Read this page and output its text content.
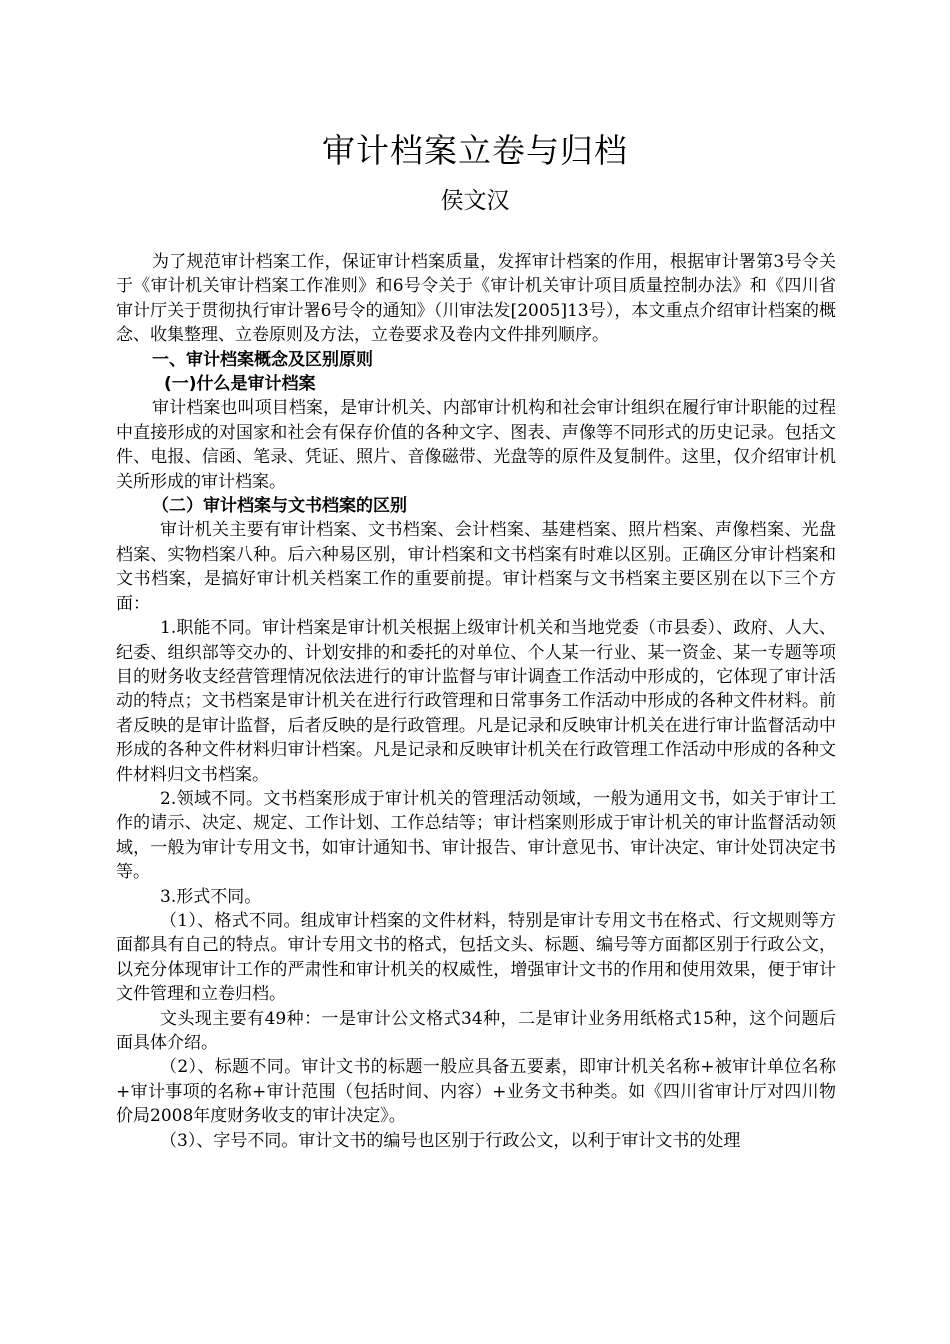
审计档案立卷与归档
侯文汉

为了规范审计档案工作，保证审计档案质量，发挥审计档案的作用，根据审计署第3号令关于《审计机关审计档案工作准则》和6号令关于《审计机关审计项目质量控制办法》和《四川省审计厅关于贯彻执行审计署6号令的通知》（川审法发[2005]13号），本文重点介绍审计档案的概念、收集整理、立卷原则及方法，立卷要求及卷内文件排列顺序。

一、审计档案概念及区别原则

(一)什么是审计档案

审计档案也叫项目档案，是审计机关、内部审计机构和社会审计组织在履行审计职能的过程中直接形成的对国家和社会有保存价值的各种文字、图表、声像等不同形式的历史记录。包括文件、电报、信函、笔录、凭证、照片、音像磁带、光盘等的原件及复制件。这里，仅介绍审计机关所形成的审计档案。

（二）审计档案与文书档案的区别

审计机关主要有审计档案、文书档案、会计档案、基建档案、照片档案、声像档案、光盘档案、实物档案八种。后六种易区别，审计档案和文书档案有时难以区别。正确区分审计档案和文书档案，是搞好审计机关档案工作的重要前提。审计档案与文书档案主要区别在以下三个方面：

1.职能不同。审计档案是审计机关根据上级审计机关和当地党委（市县委）、政府、人大、纪委、组织部等交办的、计划安排的和委托的对单位、个人某一行业、某一资金、某一专题等项目的财务收支经营管理情况依法进行的审计监督与审计调查工作活动中形成的，它体现了审计活动的特点；文书档案是审计机关在进行行政管理和日常事务工作活动中形成的各种文件材料。前者反映的是审计监督，后者反映的是行政管理。凡是记录和反映审计机关在进行审计监督活动中形成的各种文件材料归审计档案。凡是记录和反映审计机关在行政管理工作活动中形成的各种文件材料归文书档案。

2.领域不同。文书档案形成于审计机关的管理活动领域，一般为通用文书，如关于审计工作的请示、决定、规定、工作计划、工作总结等；审计档案则形成于审计机关的审计监督活动领域，一般为审计专用文书，如审计通知书、审计报告、审计意见书、审计决定、审计处罚决定书等。

3.形式不同。

（1）、格式不同。组成审计档案的文件材料，特别是审计专用文书在格式、行文规则等方面都具有自己的特点。审计专用文书的格式，包括文头、标题、编号等方面都区别于行政公文，以充分体现审计工作的严肃性和审计机关的权威性，增强审计文书的作用和使用效果，便于审计文件管理和立卷归档。

文头现主要有49种：一是审计公文格式34种，二是审计业务用纸格式15种，这个问题后面具体介绍。

（2）、标题不同。审计文书的标题一般应具备五要素，即审计机关名称+被审计单位名称+审计事项的名称+审计范围（包括时间、内容）+业务文书种类。如《四川省审计厅对四川物价局2008年度财务收支的审计决定》。

（3）、字号不同。审计文书的编号也区别于行政公文，以利于审计文书的处理
